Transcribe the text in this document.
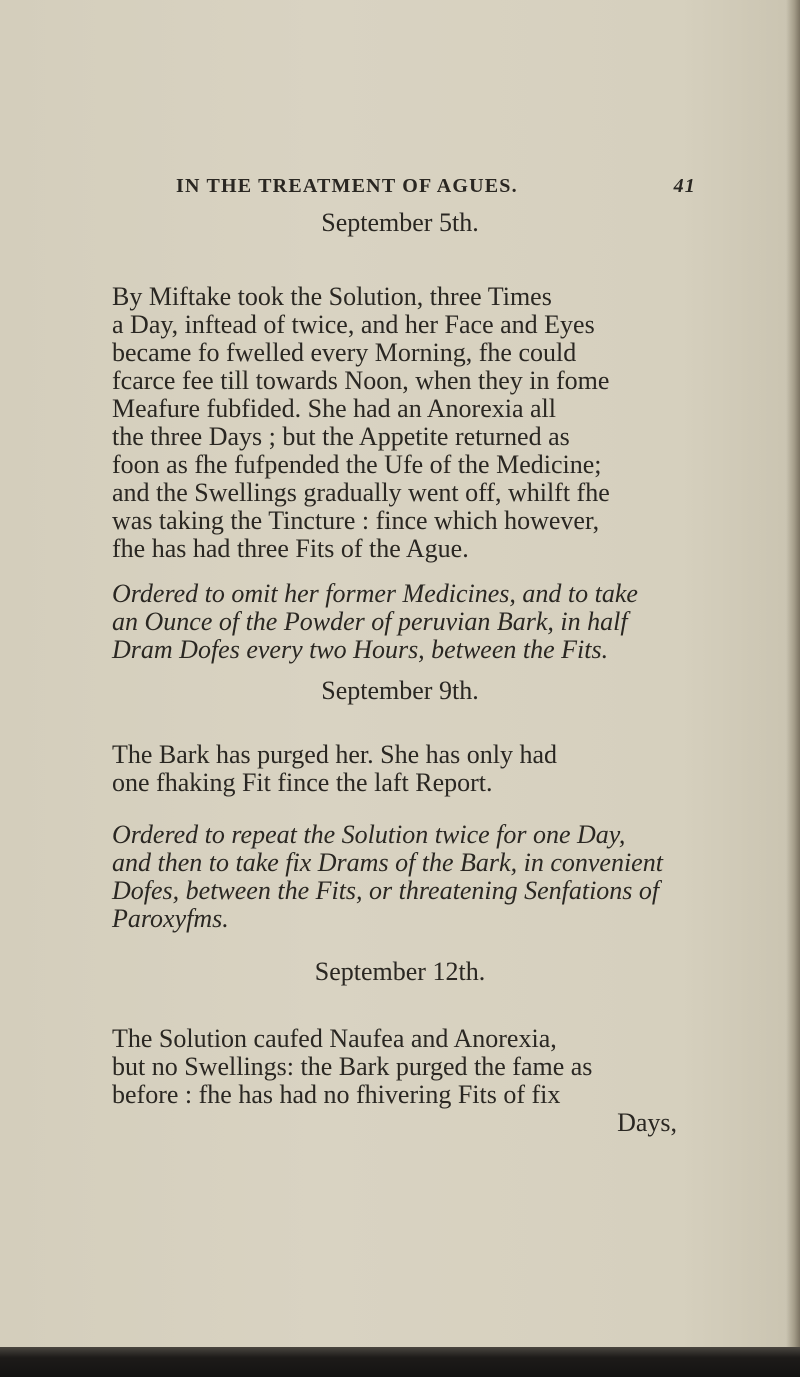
IN THE TREATMENT OF AGUES.	41
September 5th.
By Miftake took the Solution, three Times
a Day, inftead of twice, and her Face and Eyes
became fo fwelled every Morning, fhe could
fcarce fee till towards Noon, when they in fome
Meafure fubfided. She had an Anorexia all
the three Days ; but the Appetite returned as
foon as fhe fufpended the Ufe of the Medicine;
and the Swellings gradually went off, whilft fhe
was taking the Tincture : fince which however,
fhe has had three Fits of the Ague.
Ordered to omit her former Medicines, and to take
an Ounce of the Powder of peruvian Bark, in half
Dram Dofes every two Hours, between the Fits.
September 9th.
The Bark has purged her. She has only had
one fhaking Fit fince the laft Report.
Ordered to repeat the Solution twice for one Day,
and then to take fix Drams of the Bark, in convenient
Dofes, between the Fits, or threatening Senfations of
Paroxyfms.
September 12th.
The Solution caufed Naufea and Anorexia,
but no Swellings: the Bark purged the fame as
before : fhe has had no fhivering Fits of fix
Days,
